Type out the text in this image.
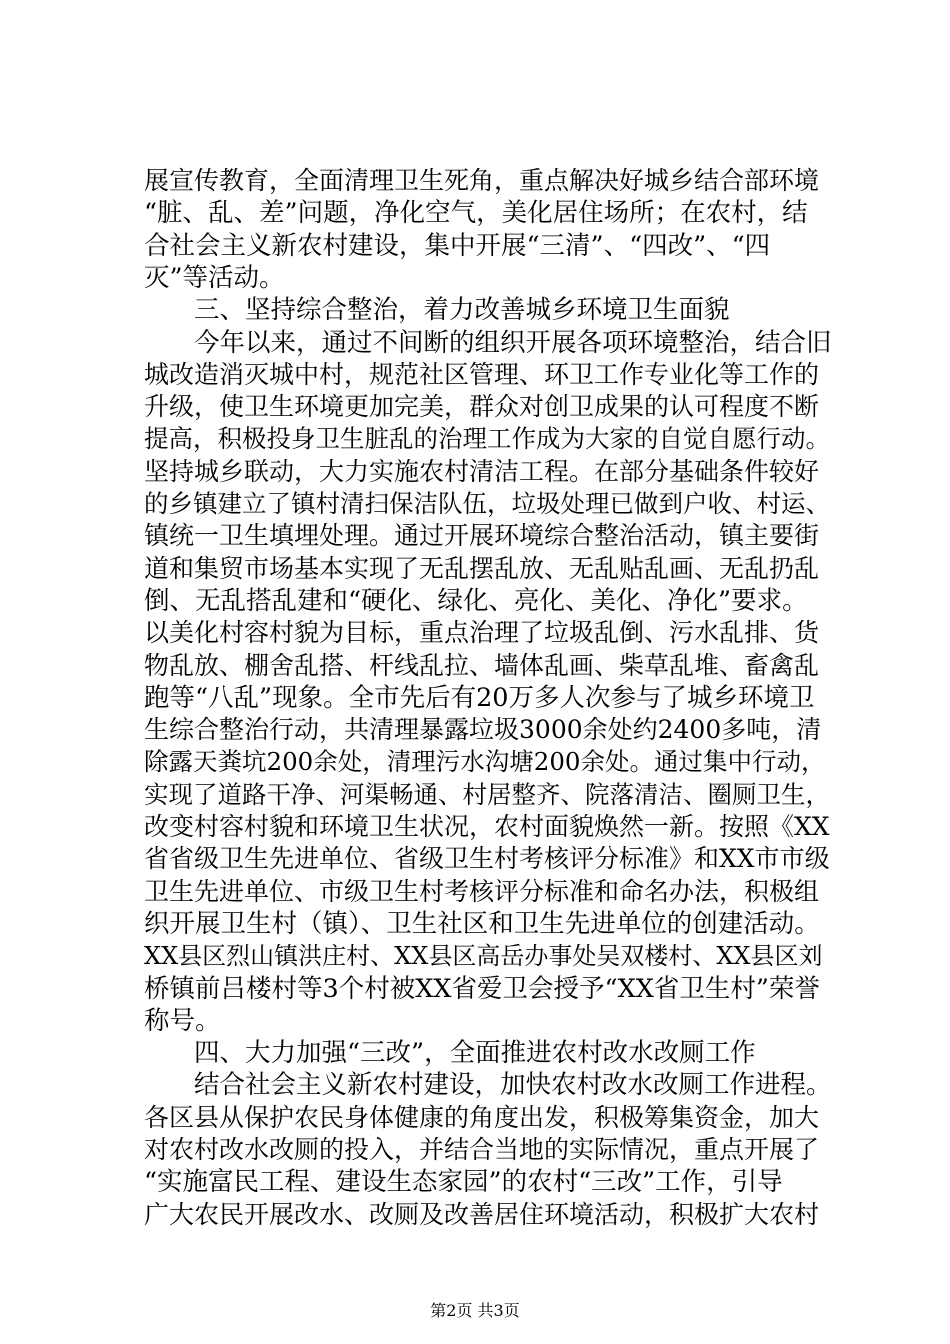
展宣传教育，全面清理卫生死角，重点解决好城乡结合部环境
“脏、乱、差”问题，净化空气，美化居住场所；在农村，结
合社会主义新农村建设，集中开展“三清”、“四改”、“四
灭”等活动。
三、坚持综合整治，着力改善城乡环境卫生面貌
今年以来，通过不间断的组织开展各项环境整治，结合旧
城改造消灭城中村，规范社区管理、环卫工作专业化等工作的
升级，使卫生环境更加完美，群众对创卫成果的认可程度不断
提高，积极投身卫生脏乱的治理工作成为大家的自觉自愿行动。
坚持城乡联动，大力实施农村清洁工程。在部分基础条件较好
的乡镇建立了镇村清扫保洁队伍，垃圾处理已做到户收、村运、
镇统一卫生填埋处理。通过开展环境综合整治活动，镇主要街
道和集贸市场基本实现了无乱摆乱放、无乱贴乱画、无乱扔乱
倒、无乱搭乱建和“硬化、绿化、亮化、美化、净化”要求。
以美化村容村貌为目标，重点治理了垃圾乱倒、污水乱排、货
物乱放、棚舍乱搭、杆线乱拉、墙体乱画、柴草乱堆、畜禽乱
跑等“八乱”现象。全市先后有20万多人次参与了城乡环境卫
生综合整治行动，共清理暴露垃圾3000余处约2400多吨，清
除露天粪坑200余处，清理污水沟塘200余处。通过集中行动，
实现了道路干净、河渠畅通、村居整齐、院落清洁、圈厕卫生，
改变村容村貌和环境卫生状况，农村面貌焕然一新。按照《XX
省省级卫生先进单位、省级卫生村考核评分标准》和XX市市级
卫生先进单位、市级卫生村考核评分标准和命名办法，积极组
织开展卫生村（镇）、卫生社区和卫生先进单位的创建活动。
XX县区烈山镇洪庄村、XX县区高岳办事处吴双楼村、XX县区刘
桥镇前吕楼村等3个村被XX省爱卫会授予“XX省卫生村”荣誉
称号。
四、大力加强“三改”，全面推进农村改水改厕工作
结合社会主义新农村建设，加快农村改水改厕工作进程。
各区县从保护农民身体健康的角度出发，积极筹集资金，加大
对农村改水改厕的投入，并结合当地的实际情况，重点开展了
“实施富民工程、建设生态家园”的农村“三改”工作，引导
广大农民开展改水、改厕及改善居住环境活动，积极扩大农村
第2页 共3页
